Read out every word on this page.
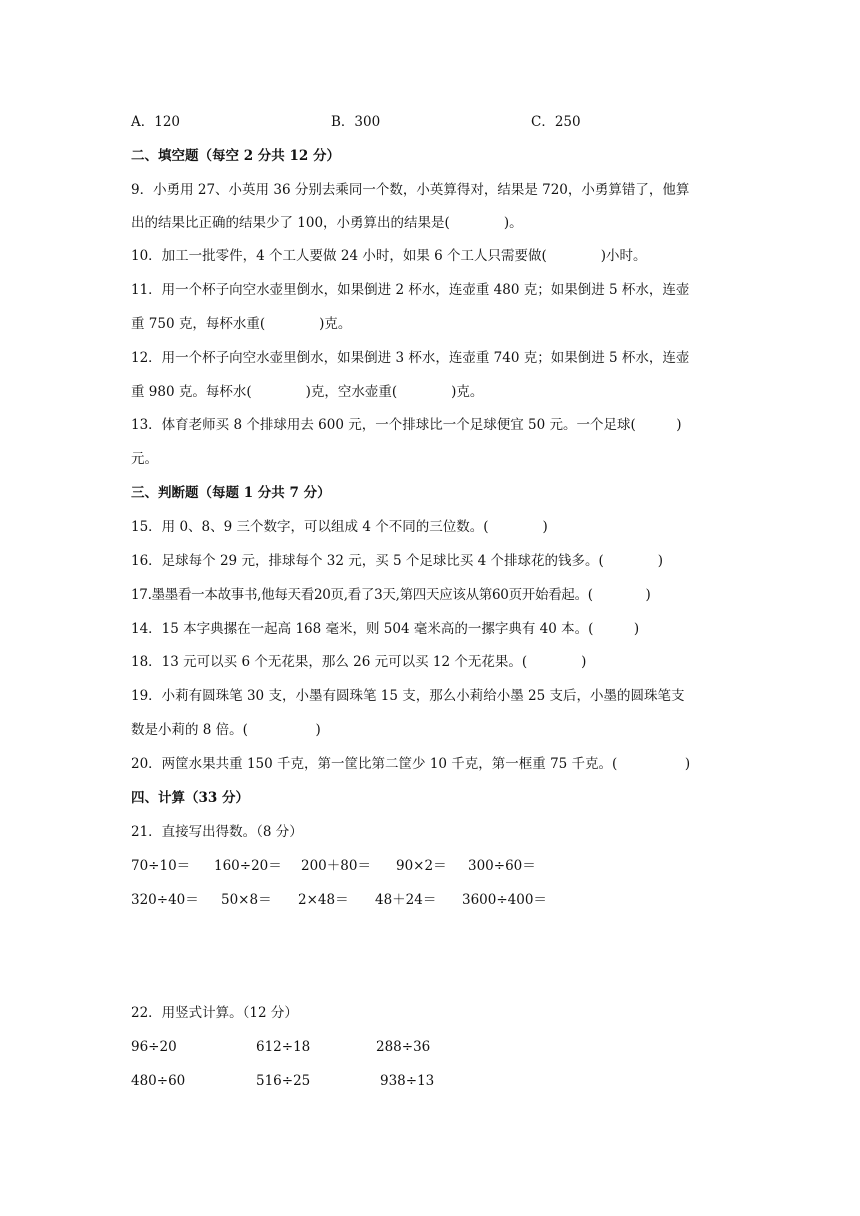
A．120	B．300	C．250
二、填空题（每空 2 分共 12 分）
9．小勇用 27、小英用 36 分别去乘同一个数，小英算得对，结果是 720，小勇算错了，他算
出的结果比正确的结果少了 100，小勇算出的结果是(　　　　)。
10．加工一批零件，4 个工人要做 24 小时，如果 6 个工人只需要做(　　　　)小时。
11．用一个杯子向空水壶里倒水，如果倒进 2 杯水，连壶重 480 克；如果倒进 5 杯水，连壶
重 750 克，每杯水重(　　　　)克。
12．用一个杯子向空水壶里倒水，如果倒进 3 杯水，连壶重 740 克；如果倒进 5 杯水，连壶
重 980 克。每杯水(　　　　)克，空水壶重(　　　　)克。
13．体育老师买 8 个排球用去 600 元，一个排球比一个足球便宜 50 元。一个足球(　　　)
元。
三、判断题（每题 1 分共 7 分）
15．用 0、8、9 三个数字，可以组成 4 个不同的三位数。(　　　　)
16．足球每个 29 元，排球每个 32 元，买 5 个足球比买 4 个排球花的钱多。(　　　　)
17.墨墨看一本故事书,他每天看20页,看了3天,第四天应该从第60页开始看起。(　　　　)
14．15 本字典摞在一起高 168 毫米，则 504 毫米高的一摞字典有 40 本。(　　　)
18．13 元可以买 6 个无花果，那么 26 元可以买 12 个无花果。(　　　　)
19．小莉有圆珠笔 30 支，小墨有圆珠笔 15 支，那么小莉给小墨 25 支后，小墨的圆珠笔支
数是小莉的 8 倍。(　　　　　)
20．两筐水果共重 150 千克，第一筐比第二筐少 10 千克，第一框重 75 千克。(　　　　　)
四、计算（33 分）
21．直接写出得数。（8 分）
70÷10＝ 160÷20＝ 200＋80＝ 90×2＝ 300÷60＝
320÷40＝ 50×8＝ 2×48＝ 48＋24＝ 3600÷400＝
22．用竖式计算。（12 分）
96÷20	612÷18	288÷36
480÷60	516÷25	938÷13
